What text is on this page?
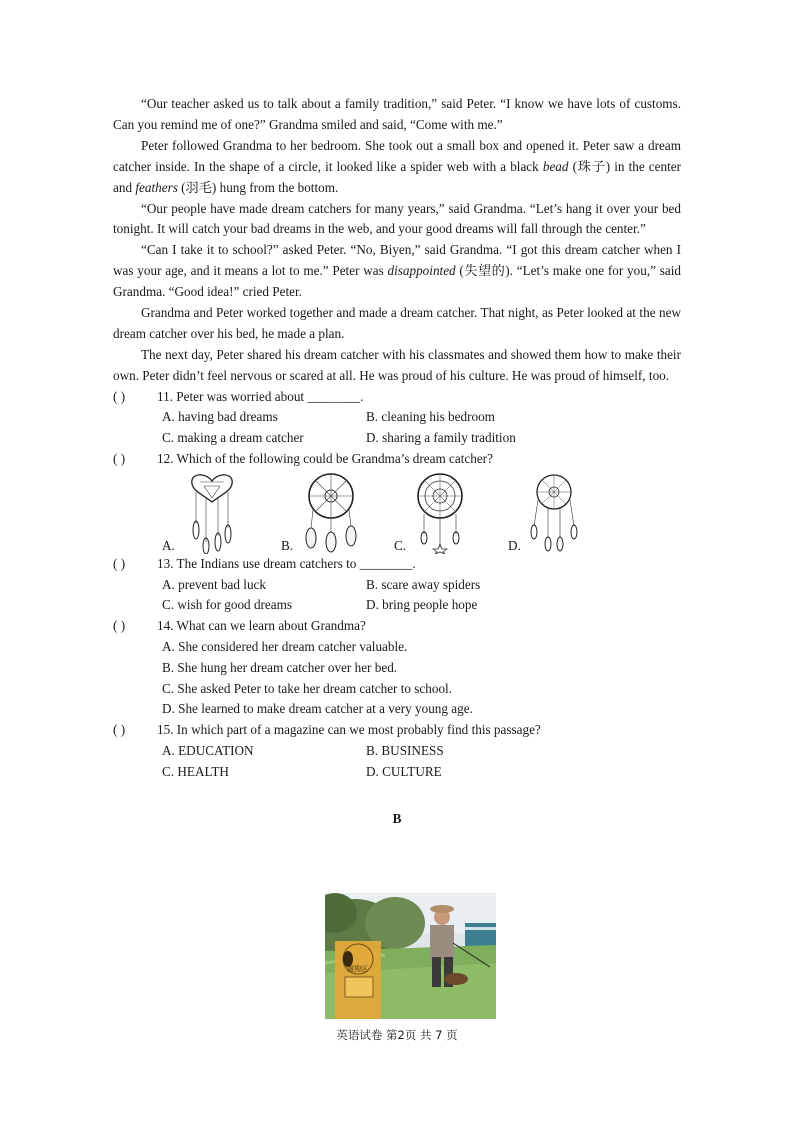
“Our teacher asked us to talk about a family tradition,” said Peter. “I know we have lots of customs. Can you remind me of one?” Grandma smiled and said, “Come with me.”

Peter followed Grandma to her bedroom. She took out a small box and opened it. Peter saw a dream catcher inside. In the shape of a circle, it looked like a spider web with a black bead (珠子) in the center and feathers (羽毛) hung from the bottom.

“Our people have made dream catchers for many years,” said Grandma. “Let’s hang it over your bed tonight. It will catch your bad dreams in the web, and your good dreams will fall through the center.”

“Can I take it to school?” asked Peter. “No, Biyen,” said Grandma. “I got this dream catcher when I was your age, and it means a lot to me.” Peter was disappointed (失望的). “Let’s make one for you,” said Grandma. “Good idea!” cried Peter.

Grandma and Peter worked together and made a dream catcher. That night, as Peter looked at the new dream catcher over his bed, he made a plan.

The next day, Peter shared his dream catcher with his classmates and showed them how to make their own. Peter didn’t feel nervous or scared at all. He was proud of his culture. He was proud of himself, too.

( )	11. Peter was worried about ________.
A. having bad dreams	B. cleaning his bedroom
C. making a dream catcher	D. sharing a family tradition
( )	12. Which of the following could be Grandma’s dream catcher?
A.	B.	C.	D.
( )	13. The Indians use dream catchers to ________.
A. prevent bad luck	B. scare away spiders
C. wish for good dreams	D. bring people hope
( )	14. What can we learn about Grandma?
A. She considered her dream catcher valuable.
B. She hung her dream catcher over her bed.
C. She asked Peter to take her dream catcher to school.
D. She learned to make dream catcher at a very young age.
( )	15. In which part of a magazine can we most probably find this passage?
A. EDUCATION	B. BUSINESS
C. HEALTH	D. CULTURE
B
遛狗区
英语试卷 第2页 共 7 页
